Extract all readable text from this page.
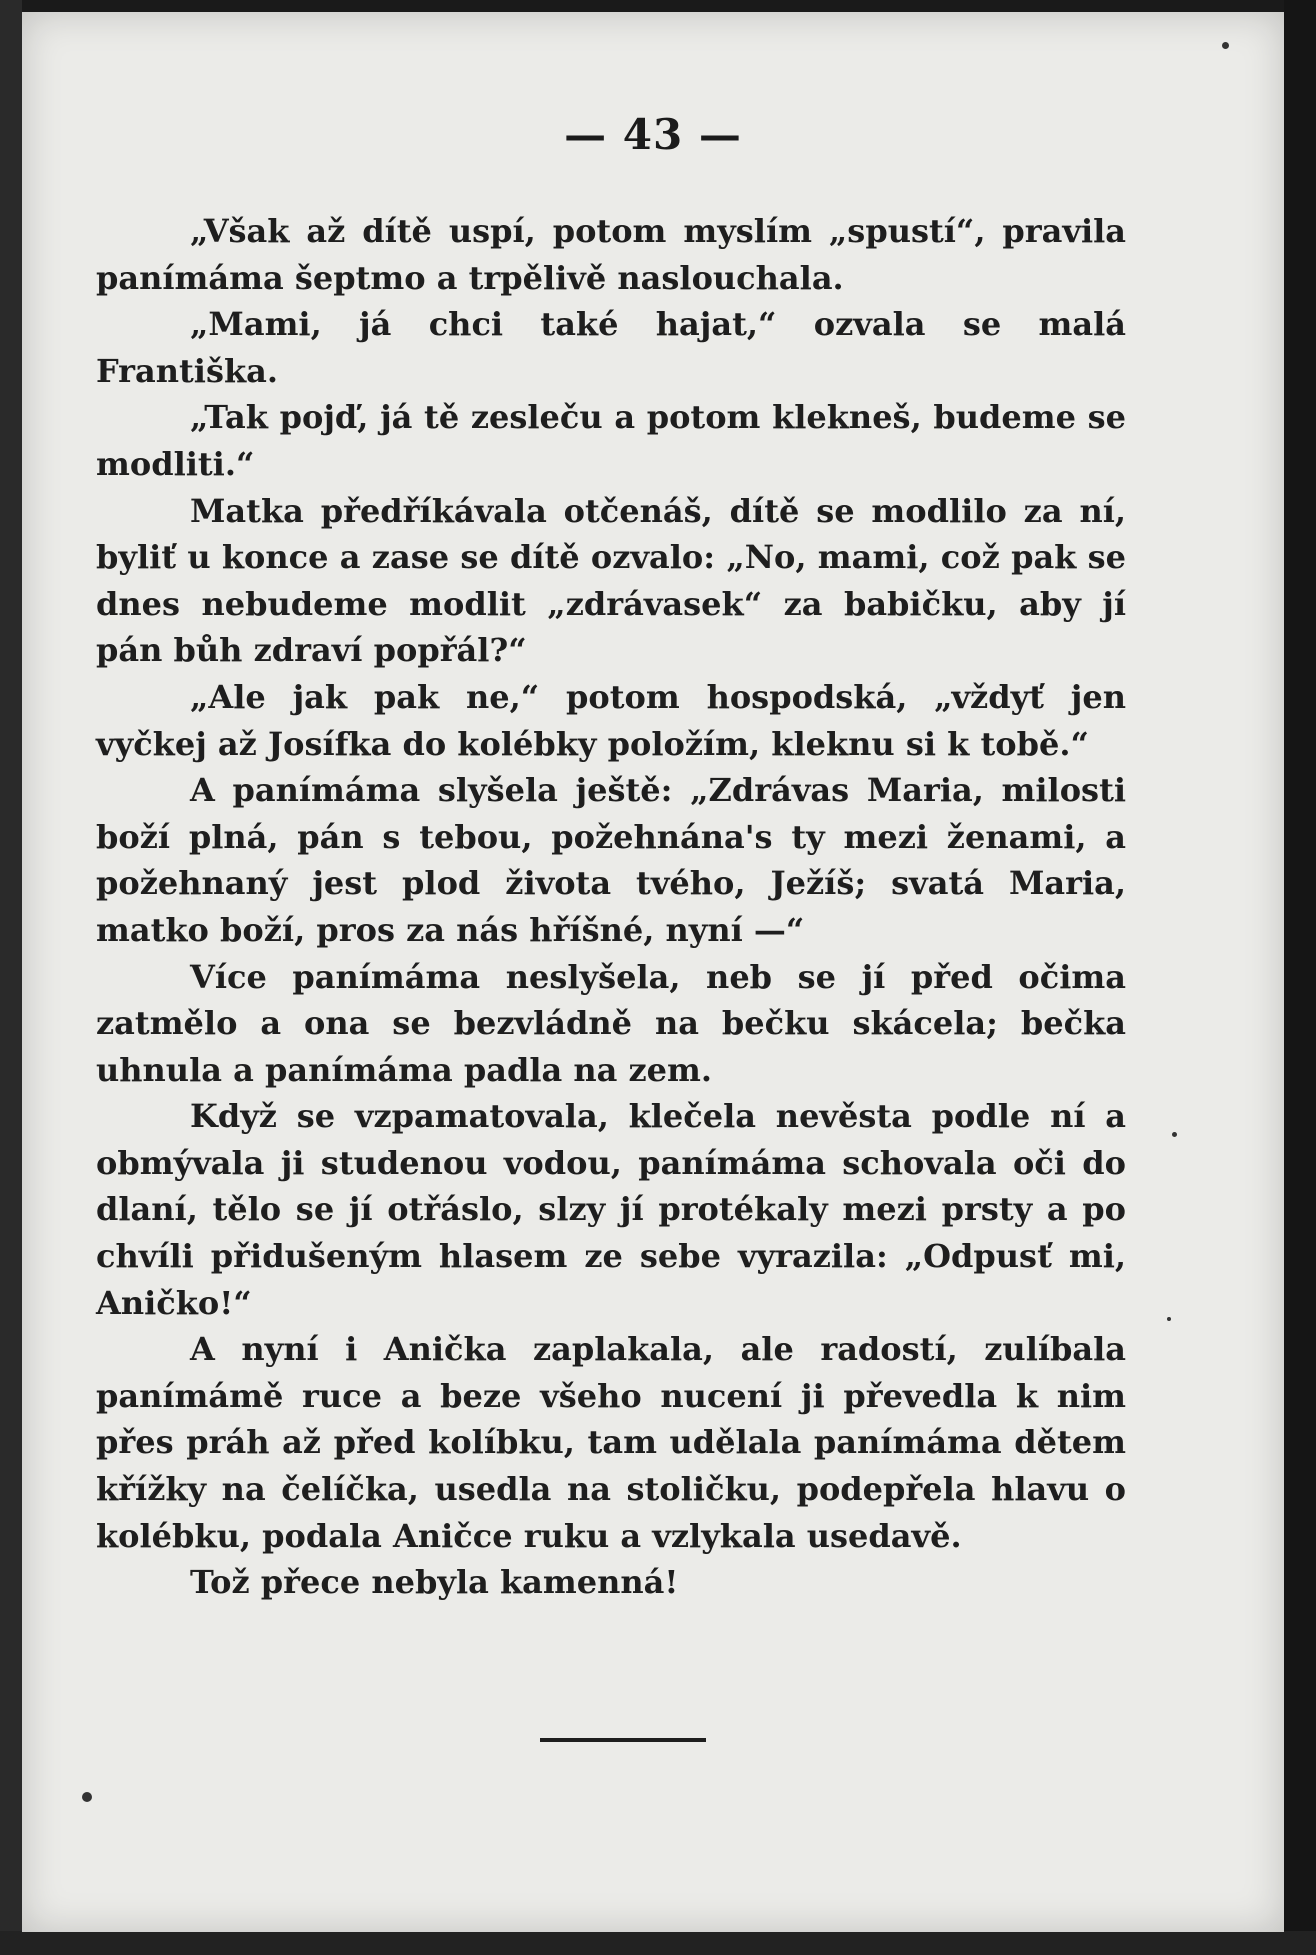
— 43 —

„Však až dítě uspí, potom myslím „spustí“, pravila panímáma šeptmo a trpělivě naslouchala.

„Mami, já chci také hajat,“ ozvala se malá Františka.

„Tak pojď, já tě zesleču a potom klekneš, budeme se modliti.“

Matka předříkávala otčenáš, dítě se modlilo za ní, byliť u konce a zase se dítě ozvalo: „No, mami, což pak se dnes nebudeme modlit „zdrávasek“ za babičku, aby jí pán bůh zdraví popřál?“

„Ale jak pak ne,“ potom hospodská, „vždyť jen vyčkej až Josífka do kolébky položím, kleknu si k tobě.“

A panímáma slyšela ještě: „Zdrávas Maria, milosti boží plná, pán s tebou, požehnána's ty mezi ženami, a požehnaný jest plod života tvého, Ježíš; svatá Maria, matko boží, pros za nás hříšné, nyní —“

Více panímáma neslyšela, neb se jí před očima zatmělo a ona se bezvládně na bečku skácela; bečka uhnula a panímáma padla na zem.

Když se vzpamatovala, klečela nevěsta podle ní a obmývala ji studenou vodou, panímáma schovala oči do dlaní, tělo se jí otřáslo, slzy jí protékaly mezi prsty a po chvíli přidušeným hlasem ze sebe vyrazila: „Odpusť mi, Aničko!“

A nyní i Anička zaplakala, ale radostí, zulíbala panímámě ruce a beze všeho nucení ji převedla k nim přes práh až před kolíbku, tam udělala panímáma dětem křížky na čelíčka, usedla na stoličku, podepřela hlavu o kolébku, podala Aničce ruku a vzlykala usedavě.

Tož přece nebyla kamenná!
